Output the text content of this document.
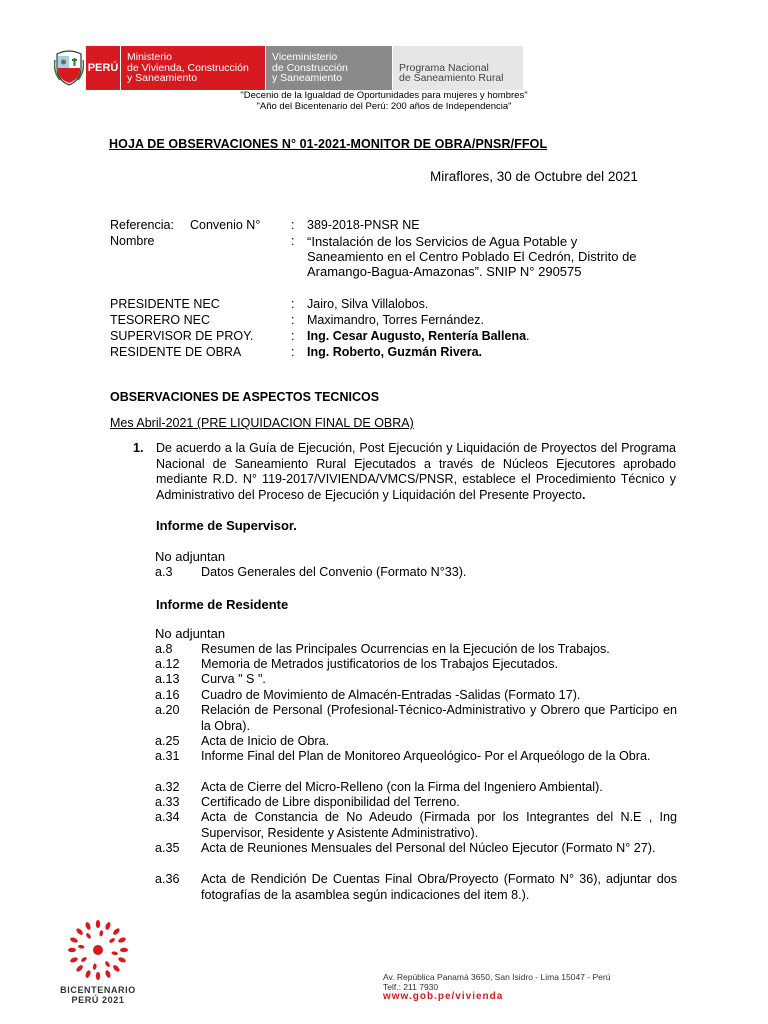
PERÚ
Ministerio
de Vivienda, Construcción
y Saneamiento
Viceministerio
de Construcción
y Saneamiento
Programa Nacional
de Saneamiento Rural
"Decenio de la Igualdad de Oportunidades para mujeres y hombres"
"Año del Bicentenario del Perú: 200 años de Independencia"
HOJA DE OBSERVACIONES N° 01-2021-MONITOR DE OBRA/PNSR/FFOL
Miraflores, 30 de Octubre del 2021
Referencia: Convenio N° : 389-2018-PNSR NE
Nombre	: “Instalación de los Servicios de Agua Potable y
Saneamiento en el Centro Poblado El Cedrón, Distrito de
Aramango-Bagua-Amazonas”. SNIP N° 290575
PRESIDENTE NEC	: Jairo, Silva Villalobos.
TESORERO NEC	: Maximandro, Torres Fernández.
SUPERVISOR DE PROY.	: Ing. Cesar Augusto, Rentería Ballena.
RESIDENTE DE OBRA	: Ing. Roberto, Guzmán Rivera.
OBSERVACIONES DE ASPECTOS TECNICOS
Mes Abril-2021 (PRE LIQUIDACION FINAL DE OBRA)
1. De acuerdo a la Guía de Ejecución, Post Ejecución y Liquidación de Proyectos del Programa Nacional de Saneamiento Rural Ejecutados a través de Núcleos Ejecutores aprobado mediante R.D. N° 119-2017/VIVIENDA/VMCS/PNSR, establece el Procedimiento Técnico y Administrativo del Proceso de Ejecución y Liquidación del Presente Proyecto.
Informe de Supervisor.
No adjuntan
a.3 Datos Generales del Convenio (Formato N°33).
Informe de Residente
No adjuntan
a.8 Resumen de las Principales Ocurrencias en la Ejecución de los Trabajos.
a.12 Memoria de Metrados justificatorios de los Trabajos Ejecutados.
a.13 Curva " S ".
a.16 Cuadro de Movimiento de Almacén-Entradas -Salidas (Formato 17).
a.20 Relación de Personal (Profesional-Técnico-Administrativo y Obrero que Participo en la Obra).
a.25 Acta de Inicio de Obra.
a.31 Informe Final del Plan de Monitoreo Arqueológico- Por el Arqueólogo de la Obra.
a.32 Acta de Cierre del Micro-Relleno (con la Firma del Ingeniero Ambiental).
a.33 Certificado de Libre disponibilidad del Terreno.
a.34 Acta de Constancia de No Adeudo (Firmada por los Integrantes del N.E , Ing Supervisor, Residente y Asistente Administrativo).
a.35 Acta de Reuniones Mensuales del Personal del Núcleo Ejecutor (Formato N° 27).
a.36 Acta de Rendición De Cuentas Final Obra/Proyecto (Formato N° 36), adjuntar dos fotografías de la asamblea según indicaciones del item 8.).
BICENTENARIO
PERÚ 2021
Av. República Panamá 3650, San Isidro - Lima 15047 - Perú
Telf.: 211 7930
www.gob.pe/vivienda
